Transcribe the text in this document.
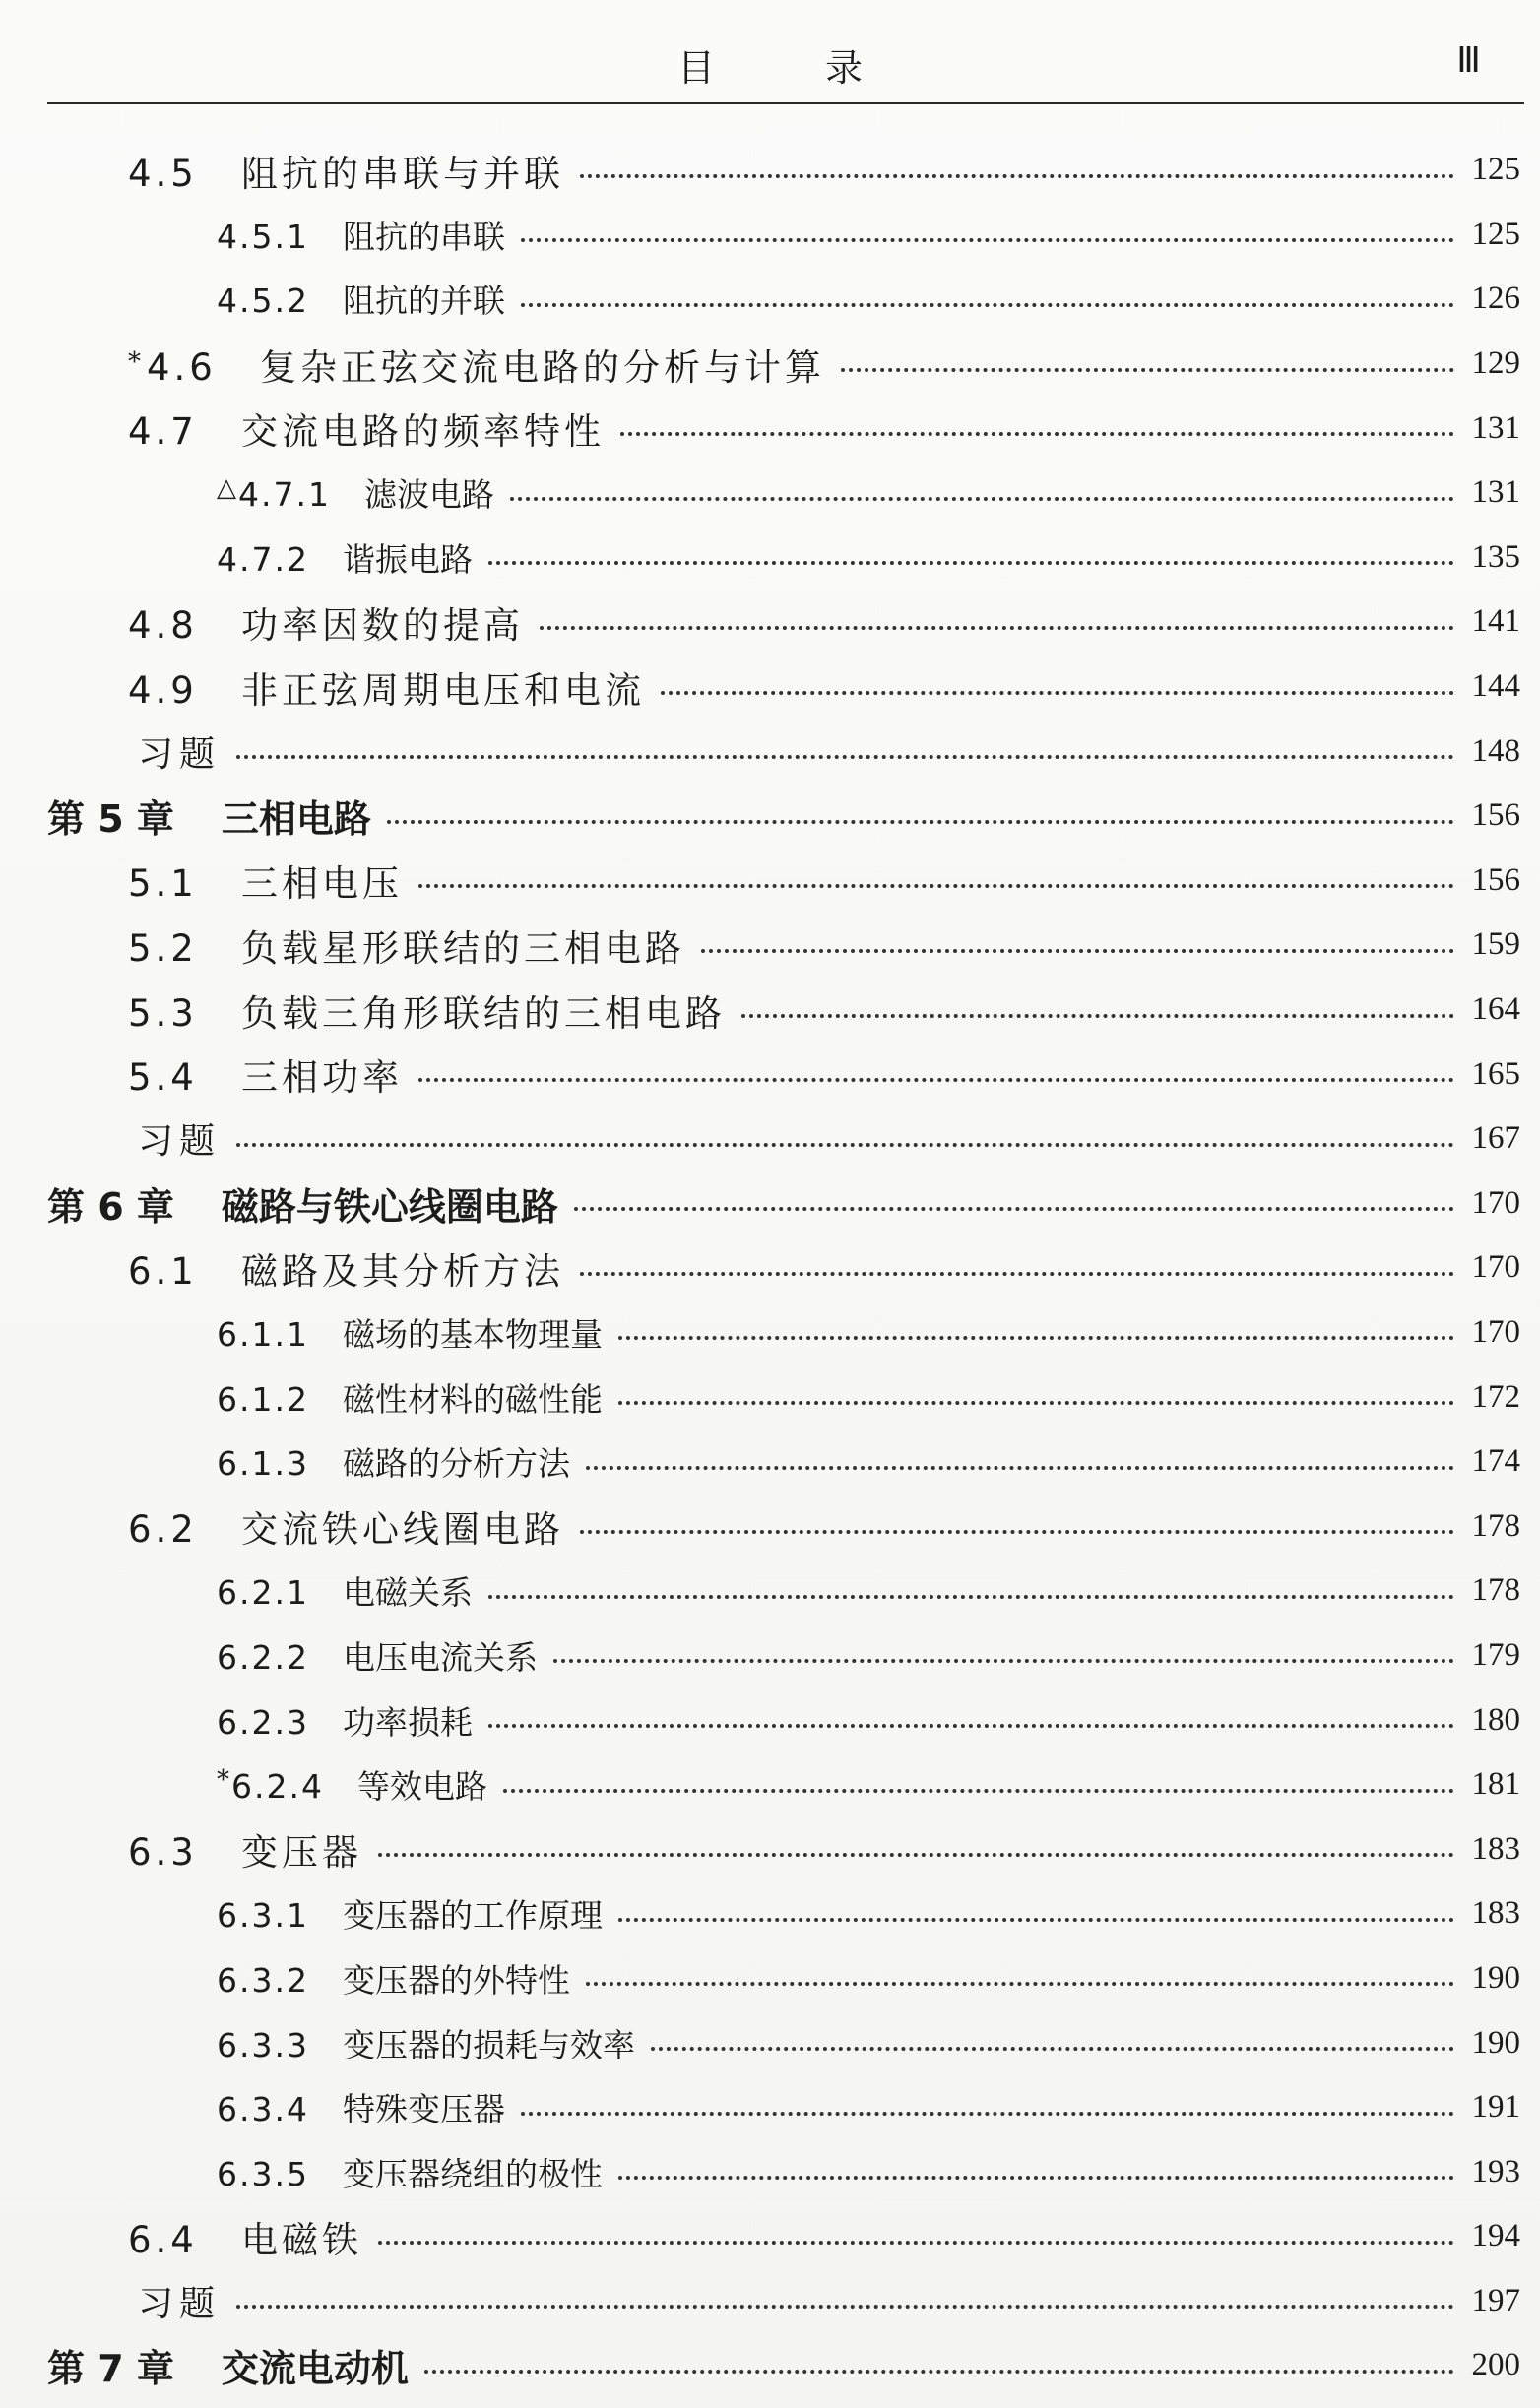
目 录	Ⅲ
4.5	阻抗的串联与并联	125
4.5.1	阻抗的串联	125
4.5.2	阻抗的并联	126
* 4.6	复杂正弦交流电路的分析与计算	129
4.7	交流电路的频率特性	131
△ 4.7.1	滤波电路	131
4.7.2	谐振电路	135
4.8	功率因数的提高	141
4.9	非正弦周期电压和电流	144
习题	148
第 5 章 三相电路	156
5.1	三相电压	156
5.2	负载星形联结的三相电路	159
5.3	负载三角形联结的三相电路	164
5.4	三相功率	165
习题	167
第 6 章 磁路与铁心线圈电路	170
6.1	磁路及其分析方法	170
6.1.1	磁场的基本物理量	170
6.1.2	磁性材料的磁性能	172
6.1.3	磁路的分析方法	174
6.2	交流铁心线圈电路	178
6.2.1	电磁关系	178
6.2.2	电压电流关系	179
6.2.3	功率损耗	180
* 6.2.4	等效电路	181
6.3	变压器	183
6.3.1	变压器的工作原理	183
6.3.2	变压器的外特性	190
6.3.3	变压器的损耗与效率	190
6.3.4	特殊变压器	191
6.3.5	变压器绕组的极性	193
6.4	电磁铁	194
习题	197
第 7 章 交流电动机	200
